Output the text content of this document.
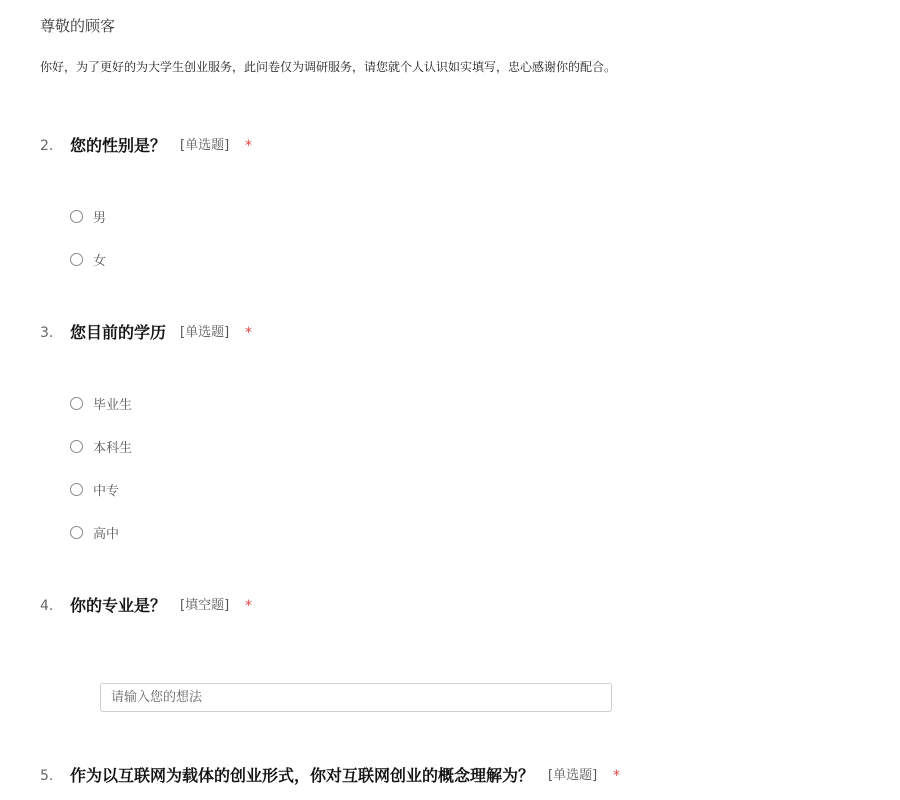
尊敬的顾客

你好，为了更好的为大学生创业服务，此问卷仅为调研服务，请您就个人认识如实填写，忠心感谢你的配合。

2. 您的性别是？ [单选题] *
男
女
3. 您目前的学历 [单选题] *
毕业生
本科生
中专
高中
4. 你的专业是？ [填空题] *
请输入您的想法
5. 作为以互联网为载体的创业形式，你对互联网创业的概念理解为？ [单选题] *
